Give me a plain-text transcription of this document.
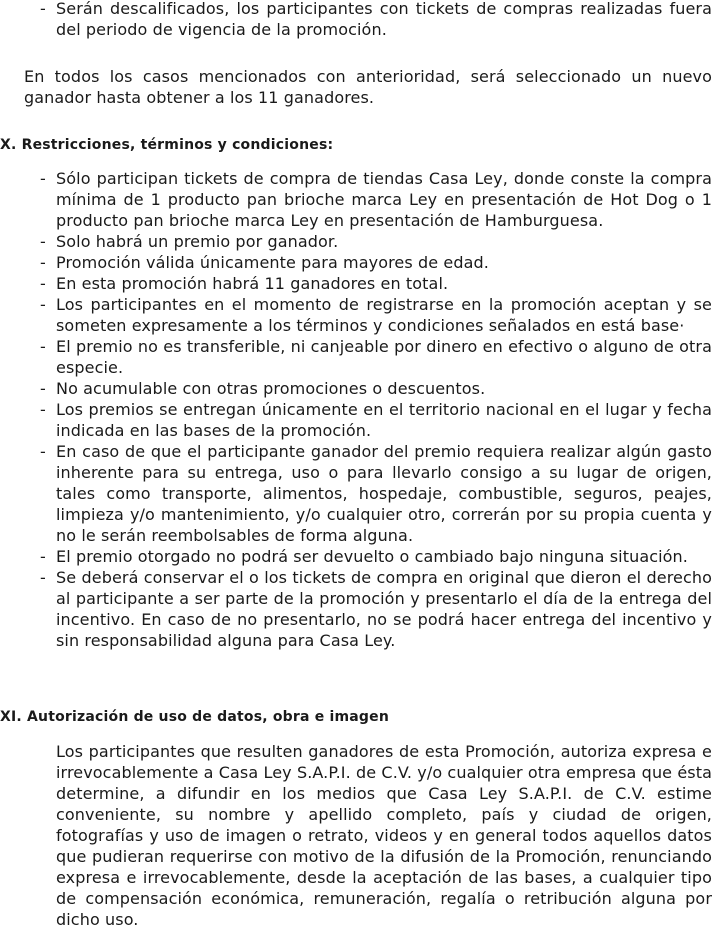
- Serán descalificados, los participantes con tickets de compras realizadas fuera del periodo de vigencia de la promoción.
En todos los casos mencionados con anterioridad, será seleccionado un nuevo ganador hasta obtener a los 11 ganadores.
X. Restricciones, términos y condiciones:
- Sólo participan tickets de compra de tiendas Casa Ley, donde conste la compra mínima de 1 producto pan brioche marca Ley en presentación de Hot Dog o 1 producto pan brioche marca Ley en presentación de Hamburguesa.
- Solo habrá un premio por ganador.
- Promoción válida únicamente para mayores de edad.
- En esta promoción habrá 11 ganadores en total.
- Los participantes en el momento de registrarse en la promoción aceptan y se someten expresamente a los términos y condiciones señalados en está base·
- El premio no es transferible, ni canjeable por dinero en efectivo o alguno de otra especie.
- No acumulable con otras promociones o descuentos.
- Los premios se entregan únicamente en el territorio nacional en el lugar y fecha indicada en las bases de la promoción.
- En caso de que el participante ganador del premio requiera realizar algún gasto inherente para su entrega, uso o para llevarlo consigo a su lugar de origen, tales como transporte, alimentos, hospedaje, combustible, seguros, peajes, limpieza y/o mantenimiento, y/o cualquier otro, correrán por su propia cuenta y no le serán reembolsables de forma alguna.
- El premio otorgado no podrá ser devuelto o cambiado bajo ninguna situación.
- Se deberá conservar el o los tickets de compra en original que dieron el derecho al participante a ser parte de la promoción y presentarlo el día de la entrega del incentivo. En caso de no presentarlo, no se podrá hacer entrega del incentivo y sin responsabilidad alguna para Casa Ley.
XI. Autorización de uso de datos, obra e imagen
Los participantes que resulten ganadores de esta Promoción, autoriza expresa e irrevocablemente a Casa Ley S.A.P.I. de C.V. y/o cualquier otra empresa que ésta determine, a difundir en los medios que Casa Ley S.A.P.I. de C.V. estime conveniente, su nombre y apellido completo, país y ciudad de origen, fotografías y uso de imagen o retrato, videos y en general todos aquellos datos que pudieran requerirse con motivo de la difusión de la Promoción, renunciando expresa e irrevocablemente, desde la aceptación de las bases, a cualquier tipo de compensación económica, remuneración, regalía o retribución alguna por dicho uso.
